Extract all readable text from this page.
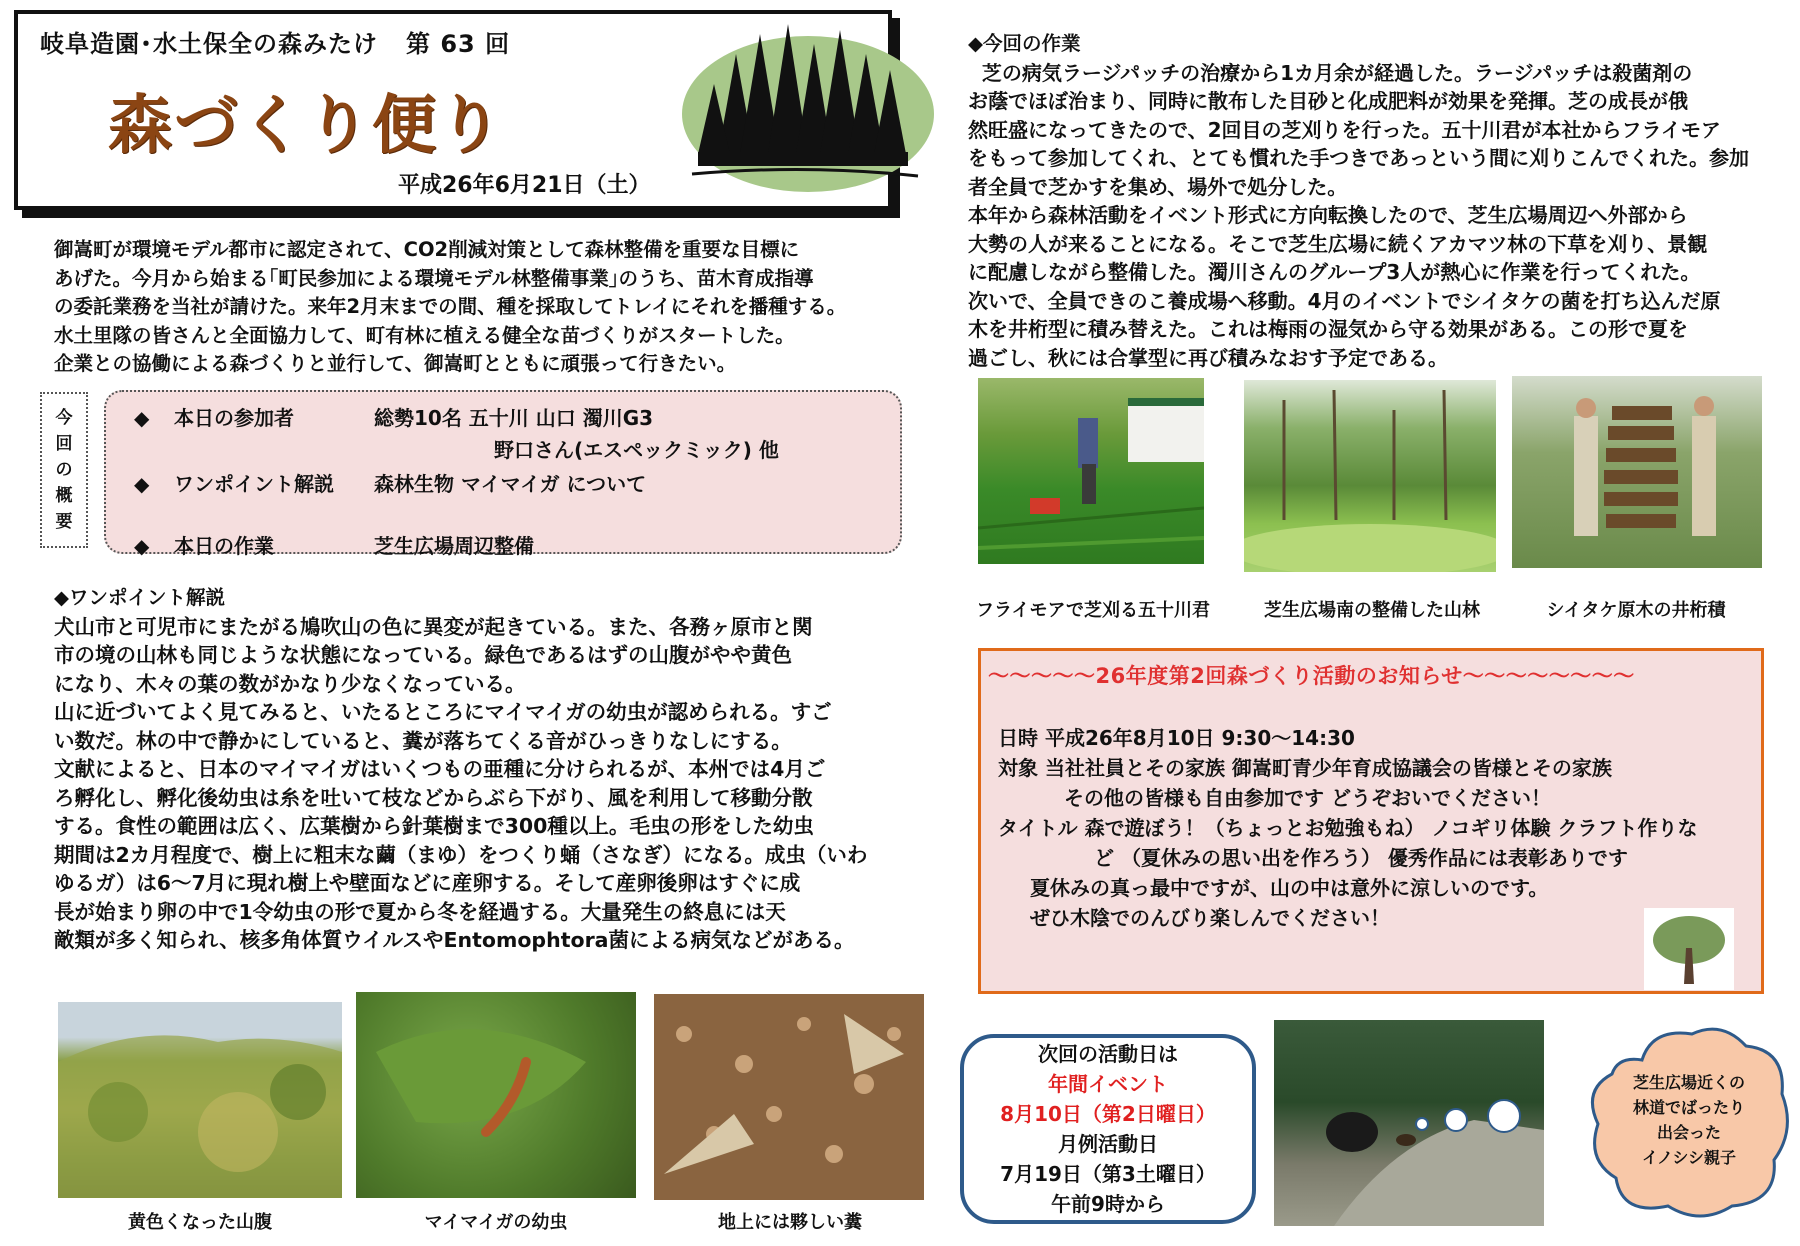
岐阜造園･水土保全の森みたけ 第 63 回
森づくり便り
平成26年6月21日（土）
御嵩町が環境モデル都市に認定されて、CO2削減対策として森林整備を重要な目標に
あげた。今月から始まる｢町民参加による環境モデル林整備事業｣のうち、苗木育成指導
の委託業務を当社が請けた。来年2月末までの間、種を採取してトレイにそれを播種する。
水土里隊の皆さんと全面協力して、町有林に植える健全な苗づくりがスタートした。
企業との協働による森づくりと並行して、御嵩町とともに頑張って行きたい。
今
回
の
概
要
◆ 本日の参加者	総勢10名 五十川 山口 濁川G3
野口さん(エスペックミック) 他
◆ ワンポイント解説 森林生物 マイマイガ について
◆ 本日の作業	芝生広場周辺整備
◆ワンポイント解説
犬山市と可児市にまたがる鳩吹山の色に異変が起きている。また、各務ヶ原市と関
市の境の山林も同じような状態になっている。緑色であるはずの山腹がやや黄色
になり、木々の葉の数がかなり少なくなっている。
山に近づいてよく見てみると、いたるところにマイマイガの幼虫が認められる。すご
い数だ。林の中で静かにしていると、糞が落ちてくる音がひっきりなしにする。
文献によると、日本のマイマイガはいくつもの亜種に分けられるが、本州では4月ご
ろ孵化し、孵化後幼虫は糸を吐いて枝などからぶら下がり、風を利用して移動分散
する。食性の範囲は広く、広葉樹から針葉樹まで300種以上。毛虫の形をした幼虫
期間は2カ月程度で、樹上に粗末な繭（まゆ）をつくり蛹（さなぎ）になる。成虫（いわ
ゆるガ）は6～7月に現れ樹上や壁面などに産卵する。そして産卵後卵はすぐに成
長が始まり卵の中で1令幼虫の形で夏から冬を経過する。大量発生の終息には天
敵類が多く知られ、核多角体質ウイルスやEntomophtora菌による病気などがある。
黄色くなった山腹	マイマイガの幼虫	地上には夥しい糞
◆今回の作業
芝の病気ラージパッチの治療から1カ月余が経過した。ラージパッチは殺菌剤の
お蔭でほぼ治まり、同時に散布した目砂と化成肥料が効果を発揮。芝の成長が俄
然旺盛になってきたので、2回目の芝刈りを行った。五十川君が本社からフライモア
をもって参加してくれ、とても慣れた手つきであっという間に刈りこんでくれた。参加
者全員で芝かすを集め、場外で処分した。
本年から森林活動をイベント形式に方向転換したので、芝生広場周辺へ外部から
大勢の人が来ることになる。そこで芝生広場に続くアカマツ林の下草を刈り、景観
に配慮しながら整備した。濁川さんのグループ3人が熱心に作業を行ってくれた。
次いで、全員できのこ養成場へ移動。4月のイベントでシイタケの菌を打ち込んだ原
木を井桁型に積み替えた。これは梅雨の湿気から守る効果がある。この形で夏を
過ごし、秋には合掌型に再び積みなおす予定である。
フライモアで芝刈る五十川君	芝生広場南の整備した山林	シイタケ原木の井桁積
～～～～～26年度第2回森づくり活動のお知らせ～～～～～～～～
日時 平成26年8月10日 9:30～14:30
対象 当社社員とその家族 御嵩町青少年育成協議会の皆様とその家族
その他の皆様も自由参加です どうぞおいでください！
タイトル 森で遊ぼう！（ちょっとお勉強もね） ノコギリ体験 クラフト作りな
ど （夏休みの思い出を作ろう） 優秀作品には表彰ありです
夏休みの真っ最中ですが、山の中は意外に涼しいのです。
ぜひ木陰でのんびり楽しんでください！
次回の活動日は
年間イベント
8月10日（第2日曜日）
月例活動日
7月19日（第3土曜日）
午前9時から
芝生広場近くの
林道でばったり
出会った
イノシシ親子
